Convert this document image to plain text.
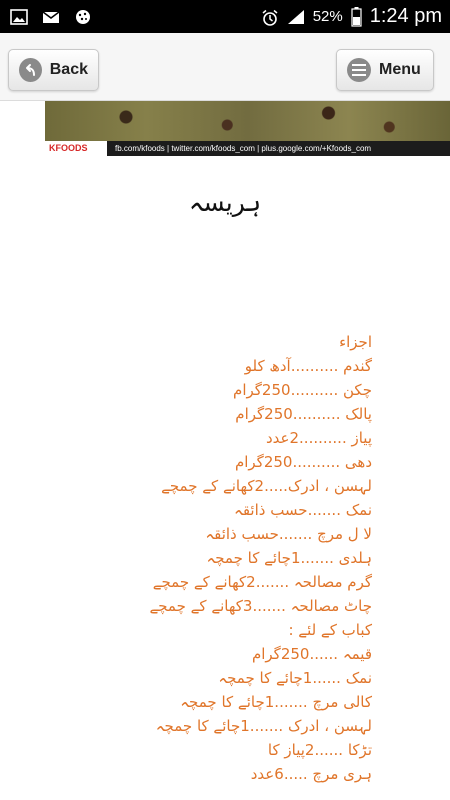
52% 1:24 pm
Back	Menu
KFOODS	fb.com/kfoods | twitter.com/kfoods_com | plus.google.com/+Kfoods_com
ہریسہ
اجزاء
گندم ..........آدھ کلو
چکن ..........250گرام
پالک ..........250گرام
پیاز ..........2عدد
دھی ..........250گرام
لہسن ، ادرک.....2کھانے کے چمچے
نمک .......حسب ذائقہ
لا ل مرچ .......حسب ذائقہ
ہلدی .......1چائے کا چمچہ
گرم مصالحہ .......2کھانے کے چمچے
چاٹ مصالحہ .......3کھانے کے چمچے
کباب کے لئے :
قیمہ ......250گرام
نمک ......1چائے کا چمچہ
کالی مرچ .......1چائے کا چمچہ
لہسن ، ادرک .......1چائے کا چمچہ
تڑکا ......2پیاز کا
ہری مرچ .....6عدد
